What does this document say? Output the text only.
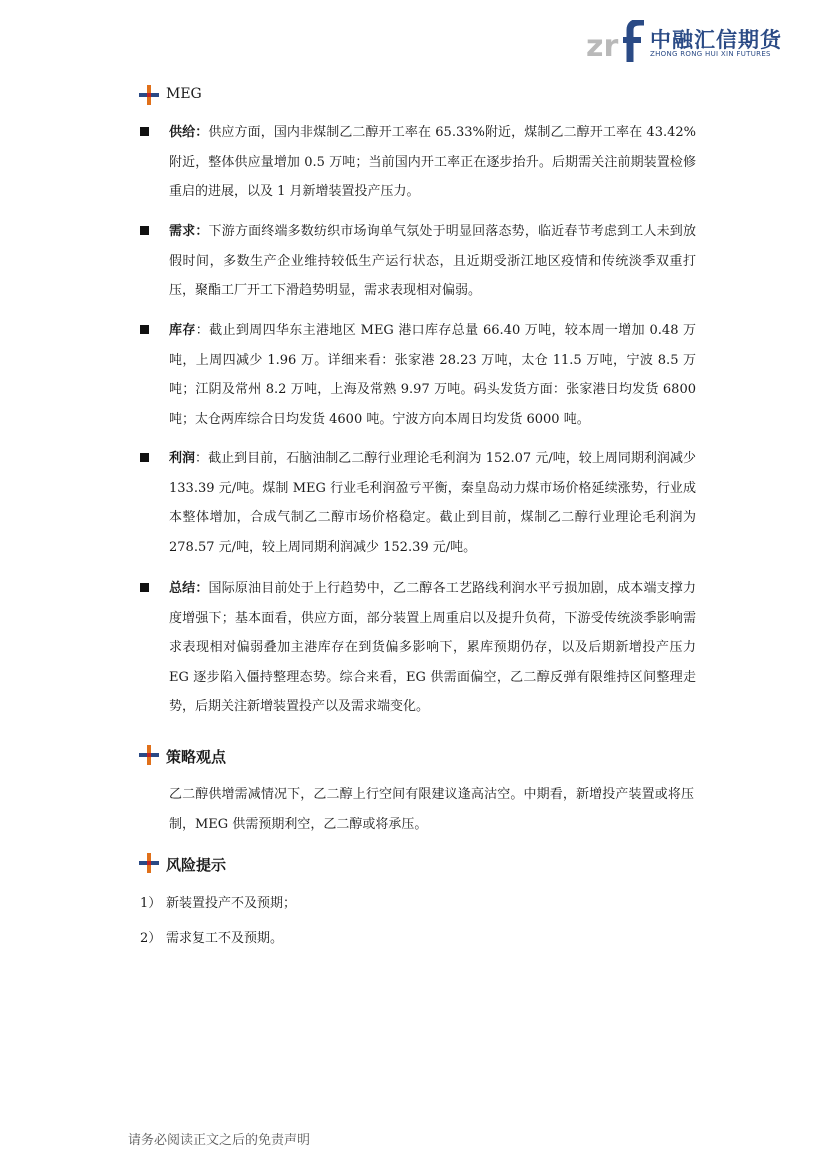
zr 中融汇信期货
ZHONG RONG HUI XIN FUTURES
MEG
供给：供应方面，国内非煤制乙二醇开工率在 65.33%附近，煤制乙二醇开工率在 43.42%附近，整体供应量增加 0.5 万吨；当前国内开工率正在逐步抬升。后期需关注前期装置检修重启的进展，以及 1 月新增装置投产压力。
需求：下游方面终端多数纺织市场询单气氛处于明显回落态势，临近春节考虑到工人未到放假时间，多数生产企业维持较低生产运行状态，且近期受浙江地区疫情和传统淡季双重打压，聚酯工厂开工下滑趋势明显，需求表现相对偏弱。
库存：截止到周四华东主港地区 MEG 港口库存总量 66.40 万吨，较本周一增加 0.48 万吨，上周四减少 1.96 万。详细来看：张家港 28.23 万吨，太仓 11.5 万吨，宁波 8.5 万吨；江阴及常州 8.2 万吨，上海及常熟 9.97 万吨。码头发货方面：张家港日均发货 6800 吨；太仓两库综合日均发货 4600 吨。宁波方向本周日均发货 6000 吨。
利润：截止到目前，石脑油制乙二醇行业理论毛利润为 152.07 元/吨，较上周同期利润减少 133.39 元/吨。煤制 MEG 行业毛利润盈亏平衡，秦皇岛动力煤市场价格延续涨势，行业成本整体增加，合成气制乙二醇市场价格稳定。截止到目前，煤制乙二醇行业理论毛利润为 278.57 元/吨，较上周同期利润减少 152.39 元/吨。
总结：国际原油目前处于上行趋势中，乙二醇各工艺路线利润水平亏损加剧，成本端支撑力度增强下；基本面看，供应方面，部分装置上周重启以及提升负荷，下游受传统淡季影响需求表现相对偏弱叠加主港库存在到货偏多影响下，累库预期仍存，以及后期新增投产压力 EG 逐步陷入僵持整理态势。综合来看，EG 供需面偏空，乙二醇反弹有限维持区间整理走势，后期关注新增装置投产以及需求端变化。
策略观点
乙二醇供增需减情况下，乙二醇上行空间有限建议逢高沽空。中期看，新增投产装置或将压制，MEG 供需预期利空，乙二醇或将承压。
风险提示
1） 新装置投产不及预期；
2） 需求复工不及预期。
请务必阅读正文之后的免责声明
